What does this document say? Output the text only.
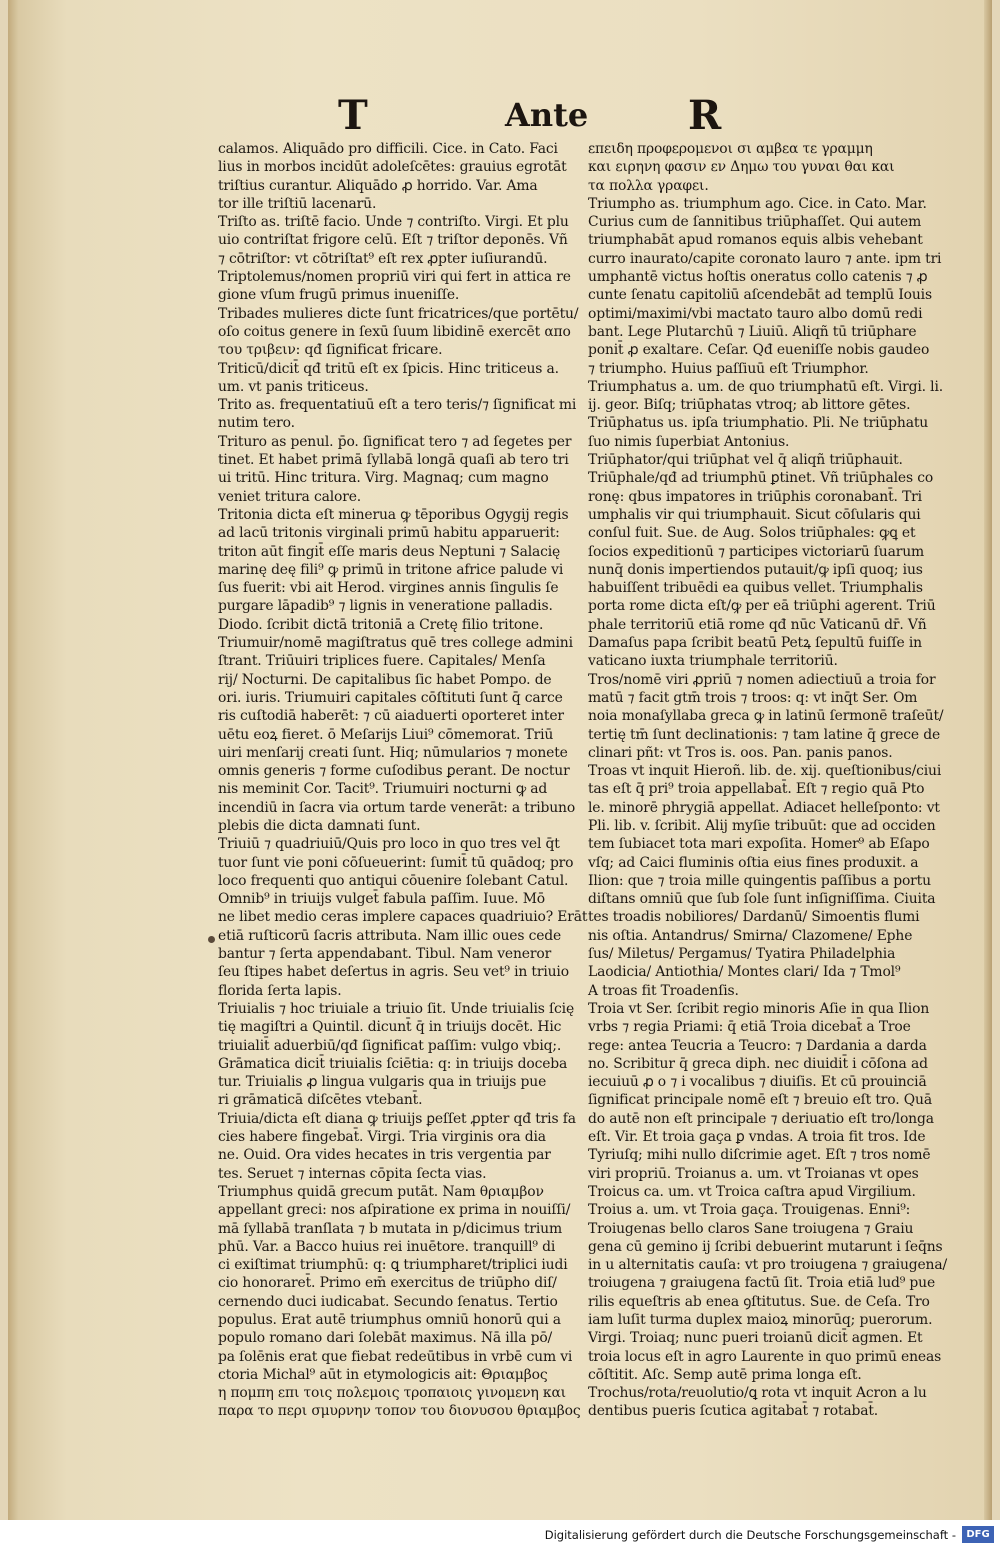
T	Ante R
calamos. Aliquādo pro difficili. Cice. in Cato. Faci
lius in morbos incidūt adoleſcētes: grauius egrotāt
triſtius curantur. Aliquādo ꝓ horrido. Var. Ama
tor ille triſtiū lacenarū.
Triſto as. triſtē facio. Unde ⁊ contriſto. Virgi. Et plu
uio contriſtat frigore celū. Eſt ⁊ triſtor deponēs. Vñ
⁊ cōtriſtor: vt cōtriſtat⁹ eſt rex ꝓpter iuſiurandū.
Triptolemus/nomen propriū viri qui fert in attica re
gione vſum frugū primus inueniſſe.
Tribades mulieres dicte ſunt fricatrices/que portētu/
oſo coitus genere in ſexū ſuum libidinē exercēt απο
του τριβειν: qđ ſignificat fricare.
Triticū/dicit̄ qđ tritū eſt ex ſpicis. Hinc triticeus a.
um. vt panis triticeus.
Trito as. frequentatiuū eſt a tero teris/⁊ ſignificat mi
nutim tero.
Trituro as penul. p̄o. ſignificat tero ⁊ ad ſegetes per
tinet. Et habet primā ſyllabā longā quaſi ab tero tri
ui tritū. Hinc tritura. Virg. Magnaq; cum magno
veniet tritura calore.
Tritonia dicta eſt minerua ꝙ tēporibus Ogygij regis
ad lacū tritonis virginali primū habitu apparuerit:
triton aūt fingit̄ eſſe maris deus Neptuni ⁊ Salacię
marinę deę fili⁹ ꝙ primū in tritone africe palude vi
ſus fuerit: vbi ait Herod. virgines annis ſingulis ſe
purgare lāpadib⁹ ⁊ lignis in veneratione palladis.
Diodo. ſcribit dictā tritoniā a Cretę filio tritone.
Triumuir/nomē magiſtratus quē tres college admini
ſtrant. Triūuiri triplices fuere. Capitales/ Menſa
rij/ Nocturni. De capitalibus ſic habet Pompo. de
ori. iuris. Triumuiri capitales cōſtituti ſunt q̄ carce
ris cuſtodiā haberēt: ⁊ cū aiaduerti oporteret inter
uētu eoꝝ fieret. ō Meſarijs Liui⁹ cōmemorat. Triū
uiri menſarij creati ſunt. Hiq; nūmularios ⁊ monete
omnis generis ⁊ forme cuſodibus ꝑerant. De noctur
nis meminit Cor. Tacit⁹. Triumuiri nocturni ꝙ ad
incendiū in ſacra via ortum tarde venerāt: a tribuno
plebis die dicta damnati ſunt.
Triuiū ⁊ quadriuiū/Quis pro loco in quo tres vel q̄t
tuor ſunt vie poni cōſueuerint: ſumit̄ tū quādoq; pro
loco frequenti quo antiqui cōuenire ſolebant Catul.
Omnib⁹ in triuijs vulget̄ fabula paſſim. Iuue. Mō
ne libet medio ceras implere capaces quadriuio? Erāt
etiā ruſticorū ſacris attributa. Nam illic oues cede
bantur ⁊ ſerta appendabant. Tibul. Nam veneror
ſeu ſtipes habet deſertus in agris. Seu vet⁹ in triuio
florida ſerta lapis.
Triuialis ⁊ hoc triuiale a triuio ſit. Unde triuialis ſcię
tię magiſtri a Quintil. dicunt̄ q̄ in triuijs docēt. Hic
triuialit̄ aduerbiū/qđ ſignificat paſſim: vulgo vbiq;.
Grāmatica dicit̄ triuialis ſciētia: q: in triuijs doceba
tur. Triuialis ꝓ lingua vulgaris qua in triuijs pue
ri grāmaticā diſcētes vtebant̄.
Triuia/dicta eſt diana ꝙ triuijs ꝑeſſet ꝓpter qđ tris fa
cies habere fingebat̄. Virgi. Tria virginis ora dia
ne. Ouid. Ora vides hecates in tris vergentia par
tes. Seruet ⁊ internas cōpita ſecta vias.
Triumphus quidā grecum putāt. Nam θριαμβον
appellant greci: nos aſpiratione ex prima in nouiſſi/
mā ſyllabā tranſlata ⁊ b mutata in p/dicimus trium
phū. Var. a Bacco huius rei inuētore. tranquill⁹ di
ci exiſtimat triumphū: q: ꝗ triumpharet/triplici iudi
cio honoraret̄. Primo em̄ exercitus de triūpho diſ/
cernendo duci iudicabat. Secundo ſenatus. Tertio
populus. Erat autē triumphus omniū honorū qui a
populo romano dari ſolebāt maximus. Nā illa pō/
pa ſolēnis erat que fiebat redeūtibus in vrbē cum vi
ctoria Michal⁹ aūt in etymologicis ait: Θριαμβος
η πομπη επι τοις πολεμοις τροπαιοις γινομενη και
παρα το περι σμυρνην τοπον του διονυσου θριαμβος
επειδη προφερομενοι σι αμβεα τε γραμμη
και ειρηνη φασιν εν Δημω του γυναι θαι και
τα πολλα γραφει.
Triumpho as. triumphum ago. Cice. in Cato. Mar.
Curius cum de ſannitibus triūphaſſet. Qui autem
triumphabāt apud romanos equis albis vehebant
curro inaurato/capite coronato lauro ⁊ ante. ipm tri
umphantē victus hoſtis oneratus collo catenis ⁊ ꝓ
cunte ſenatu capitoliū aſcendebāt ad templū Iouis
optimi/maximi/vbi mactato tauro albo domū redi
bant. Lege Plutarchū ⁊ Liuiū. Aliqñ tū triūphare
ponit̄ ꝓ exaltare. Ceſar. Qđ eueniſſe nobis gaudeo
⁊ triumpho. Huius paſſiuū eſt Triumphor.
Triumphatus a. um. de quo triumphatū eſt. Virgi. li.
ij. geor. Biſq; triūphatas vtroq; ab littore gētes.
Triūphatus us. ipſa triumphatio. Pli. Ne triūphatu
ſuo nimis ſuperbiat Antonius.
Triūphator/qui triūphat vel q̄ aliqñ triūphauit.
Triūphale/qđ ad triumphū ꝑtinet. Vñ triūphales co
ronę: qbus impatores in triūphis coronabant̄. Tri
umphalis vir qui triumphauit. Sicut cōſularis qui
conſul fuit. Sue. de Aug. Solos triūphales: ꝙꝗ et
ſocios expeditionū ⁊ participes victoriarū ſuarum
nunq̄ donis impertiendos putauit/ꝙ ipſi quoq; ius
habuiſſent tribuēdi ea quibus vellet. Triumphalis
porta rome dicta eſt/ꝙ per eā triūphi agerent. Triū
phale territoriū etiā rome qđ nūc Vaticanū dr̄. Vñ
Damaſus papa ſcribit beatū Petꝝ ſepultū fuiſſe in
vaticano iuxta triumphale territoriū.
Tros/nomē viri ꝓpriū ⁊ nomen adiectiuū a troia for
matū ⁊ facit gtm̄ trois ⁊ troos: q: vt inq̄t Ser. Om
noia monaſyllaba greca ꝙ in latinū ſermonē traſeūt/
tertię tm̄ ſunt declinationis: ⁊ tam latine q̄ grece de
clinari pñt: vt Tros is. oos. Pan. panis panos.
Troas vt inquit Hieroñ. lib. de. xij. queſtionibus/ciui
tas eſt q̄ pri⁹ troia appellabat̄. Eſt ⁊ regio quā Pto
le. minorē phrygiā appellat. Adiacet helleſponto: vt
Pli. lib. v. ſcribit. Alij myſie tribuūt: que ad occiden
tem ſubiacet tota mari expoſita. Homer⁹ ab Eſapo
vſq; ad Caici fluminis oſtia eius fines produxit. a
Ilion: que ⁊ troia mille quingentis paſſibus a portu
diſtans omniū que ſub ſole ſunt inſigniſſima. Ciuita
tes troadis nobiliores/ Dardanū/ Simoentis flumi
nis oſtia. Antandrus/ Smirna/ Clazomene/ Ephe
ſus/ Miletus/ Pergamus/ Tyatira Philadelphia
Laodicia/ Antiothia/ Montes clari/ Ida ⁊ Tmol⁹
A troas fit Troadenſis.
Troia vt Ser. ſcribit regio minoris Aſie in qua Ilion
vrbs ⁊ regia Priami: q̄ etiā Troia dicebat̄ a Troe
rege: antea Teucria a Teucro: ⁊ Dardania a darda
no. Scribitur q̄ greca diph. nec diuidit̄ i cōſona ad
iecuiuū ꝓ o ⁊ i vocalibus ⁊ diuiſis. Et cū prouinciā
ſignificat principale nomē eſt ⁊ breuio eſt tro. Quā
do autē non eſt principale ⁊ deriuatio eſt tro/longa
eſt. Vir. Et troia gaça ꝑ vndas. A troia fit tros. Ide
Tyriuſq; mihi nullo diſcrimie aget. Eſt ⁊ tros nomē
viri propriū. Troianus a. um. vt Troianas vt opes
Troicus ca. um. vt Troica caſtra apud Virgilium.
Troius a. um. vt Troia gaça. Trouigenas. Enni⁹:
Troiugenas bello claros Sane troiugena ⁊ Graiu
gena cū gemino ij ſcribi debuerint mutarunt i ſeq̄ns
in u alternitatis cauſa: vt pro troiugena ⁊ graiugena/
troiugena ⁊ graiugena factū ſit. Troia etiā lud⁹ pue
rilis equeſtris ab enea ꝯſtitutus. Sue. de Ceſa. Tro
iam luſit turma duplex maioꝝ minorūq; puerorum.
Virgi. Troiaq; nunc pueri troianū dicit̄ agmen. Et
troia locus eſt in agro Laurente in quo primū eneas
cōſtitit. Aſc. Semp autē prima longa eſt.
Trochus/rota/reuolutio/ꝗ rota vt inquit Acron a lu
dentibus pueris ſcutica agitabat̄ ⁊ rotabat̄.
Digitalisierung gefördert durch die Deutsche Forschungsgemeinschaft -	DFG
